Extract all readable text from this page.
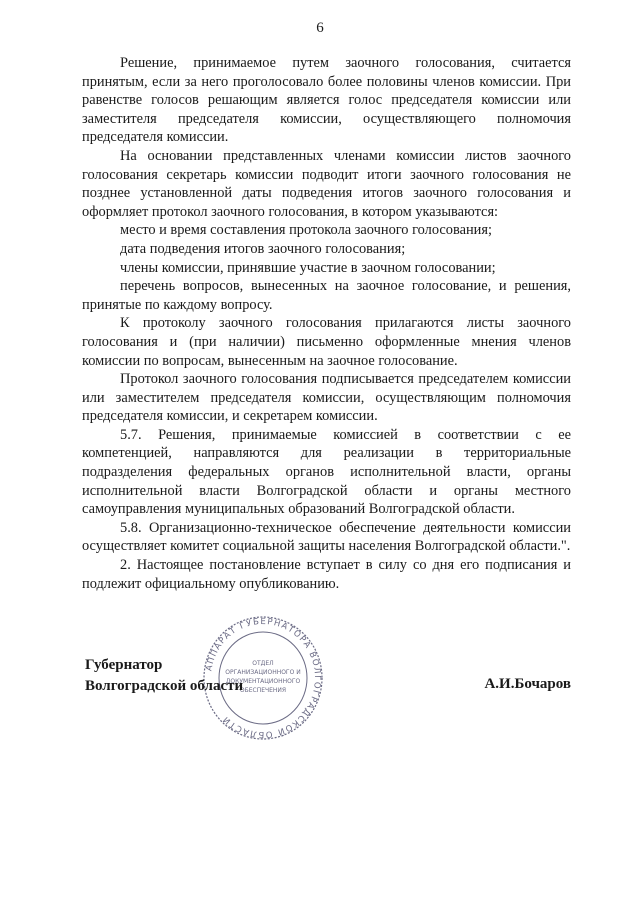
6

Решение, принимаемое путем заочного голосования, считается принятым, если за него проголосовало более половины членов комиссии. При равенстве голосов решающим является голос председателя комиссии или заместителя председателя комиссии, осуществляющего полномочия председателя комиссии.

На основании представленных членами комиссии листов заочного голосования секретарь комиссии подводит итоги заочного голосования не позднее установленной даты подведения итогов заочного голосования и оформляет протокол заочного голосования, в котором указываются:

место и время составления протокола заочного голосования;

дата подведения итогов заочного голосования;

члены комиссии, принявшие участие в заочном голосовании;

перечень вопросов, вынесенных на заочное голосование, и решения, принятые по каждому вопросу.

К протоколу заочного голосования прилагаются листы заочного голосования и (при наличии) письменно оформленные мнения членов комиссии по вопросам, вынесенным на заочное голосование.

Протокол заочного голосования подписывается председателем комиссии или заместителем председателя комиссии, осуществляющим полномочия председателя комиссии, и секретарем комиссии.

5.7. Решения, принимаемые комиссией в соответствии с ее компетенцией, направляются для реализации в территориальные подразделения федеральных органов исполнительной власти, органы исполнительной власти Волгоградской области и органы местного самоуправления муниципальных образований Волгоградской области.

5.8. Организационно-техническое обеспечение деятельности комиссии осуществляет комитет социальной защиты населения Волгоградской области.".

2. Настоящее постановление вступает в силу со дня его подписания и подлежит официальному опубликованию.

АППАРАТ ГУБЕРНАТОРА ВОЛГОГРАДСКОЙ ОБЛАСТИ
ОТДЕЛ
ОРГАНИЗАЦИОННОГО И
ДОКУМЕНТАЦИОННОГО
ОБЕСПЕЧЕНИЯ
Губернатор
Волгоградской области	А.И.Бочаров
